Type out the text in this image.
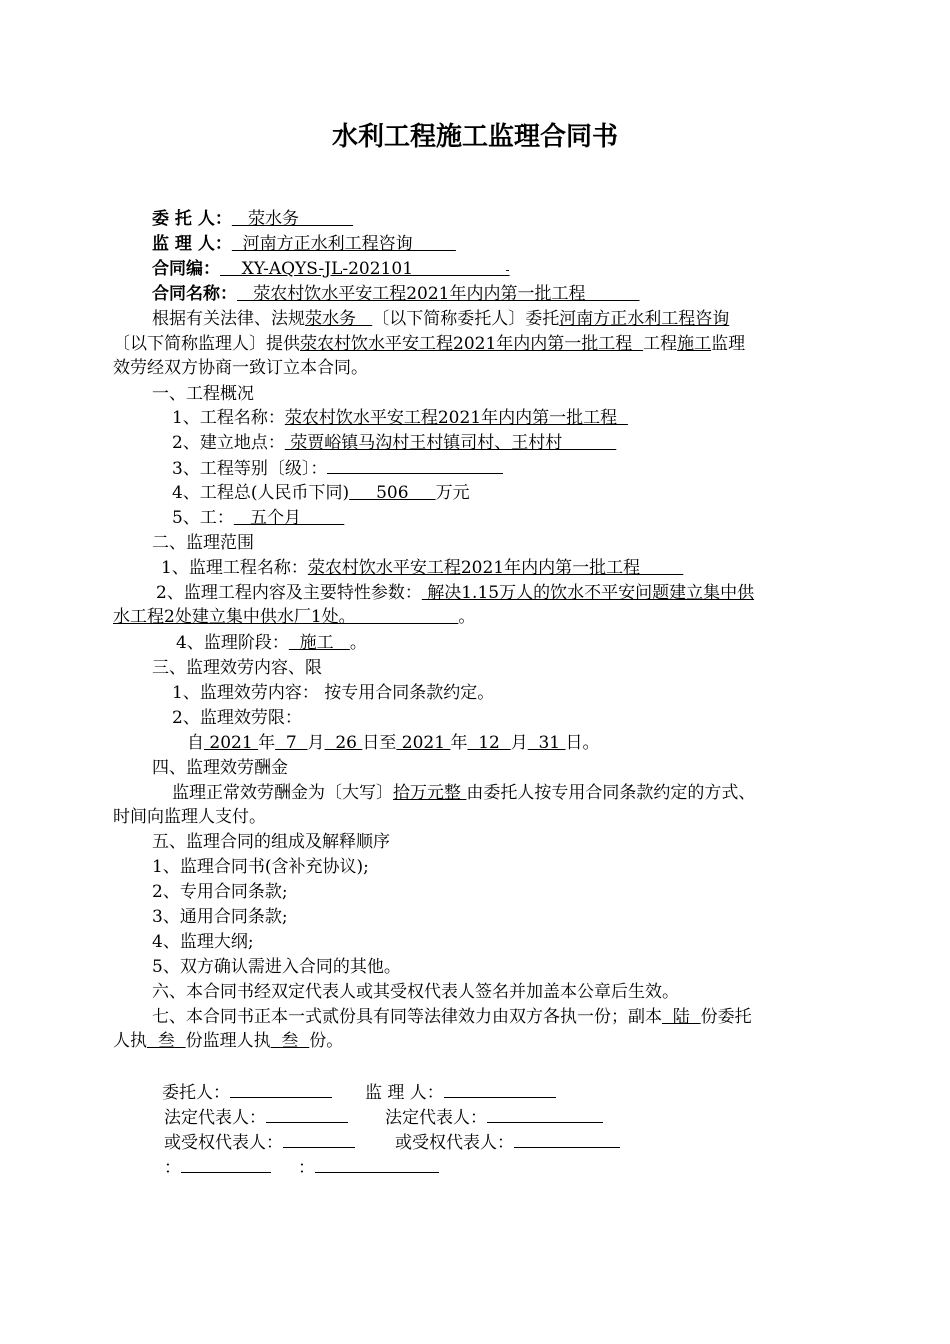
水利工程施工监理合同书
委 托 人：   荥水务
监 理 人：  河南方正水利工程咨询
合同编：    XY-AQYS-JL-202101                  -
合同名称：   荥农村饮水平安工程2021年内内第一批工程
根据有关法律、法规荥水务   〔以下简称委托人〕委托河南方正水利工程咨询
〔以下简称监理人〕提供荥农村饮水平安工程2021年内内第一批工程  工程施工监理
效劳经双方协商一致订立本合同。
一、工程概况
1、工程名称：荥农村饮水平安工程2021年内内第一批工程
2、建立地点： 荥贾峪镇马沟村王村镇司村、王村村
3、工程等别〔级〕：
4、工程总(人民币下同)     506     万元
5、工：   五个月
二、监理范围
1、监理工程名称：荥农村饮水平安工程2021年内内第一批工程
2、监理工程内容及主要特性参数： 解决1.15万人的饮水不平安问题建立集中供
水工程2处建立集中供水厂1处。                   。
4、监理阶段：  施工   。
三、监理效劳内容、限
1、监理效劳内容： 按专用合同条款约定。
2、监理效劳限：
自 2021 年  7  月  26 日至 2021 年  12  月  31 日。
四、监理效劳酬金
监理正常效劳酬金为〔大写〕拾万元整 由委托人按专用合同条款约定的方式、
时间向监理人支付。
五、监理合同的组成及解释顺序
1、监理合同书(含补充协议);
2、专用合同条款;
3、通用合同条款;
4、监理大纲;
5、双方确认需进入合同的其他。
六、本合同书经双定代表人或其受权代表人签名并加盖本公章后生效。
七、本合同书正本一式贰份具有同等法律效力由双方各执一份；副本  陆  份委托
人执  叁  份监理人执  叁  份。
委托人：	监 理 人：
法定代表人：	法定代表人：
或受权代表人：	或受权代表人：
：	：
